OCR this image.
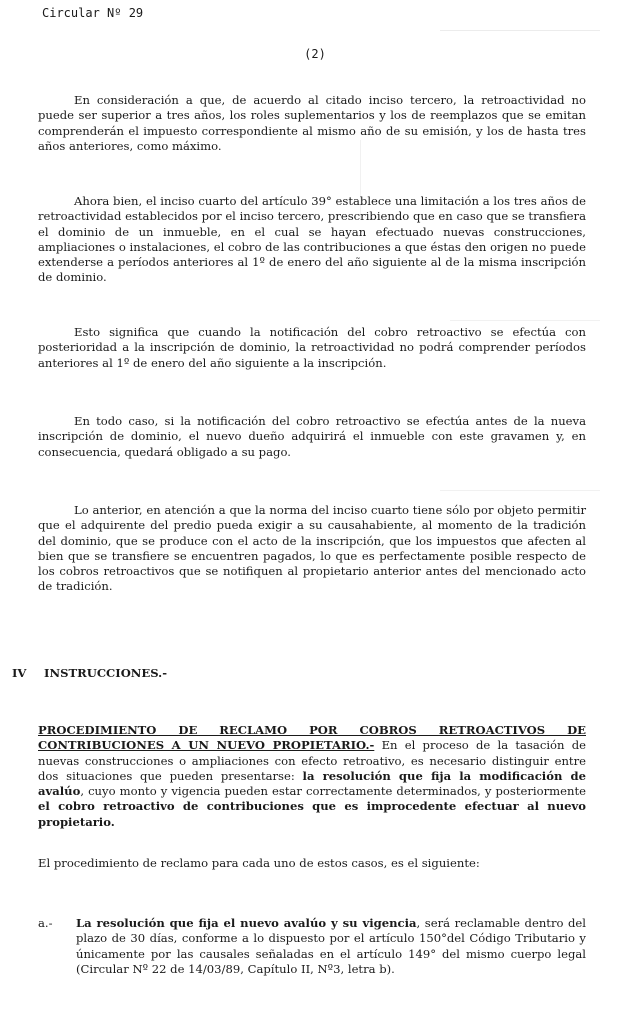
Circular Nº 29
(2)

En consideración a que, de acuerdo al citado inciso tercero, la retroactividad no puede ser superior a tres años, los roles suplementarios y los de reemplazos que se emitan comprenderán el impuesto correspondiente al mismo año de su emisión, y los de hasta tres años anteriores, como máximo.

Ahora bien, el inciso cuarto del artículo 39° establece una limitación a los tres años de retroactividad establecidos por el inciso tercero, prescribiendo que en caso que se transfiera el dominio de un inmueble, en el cual se hayan efectuado nuevas construcciones, ampliaciones o instalaciones, el cobro de las contribuciones a que éstas den origen no puede extenderse a períodos anteriores al 1º de enero del año siguiente al de la misma inscripción de dominio.

Esto significa que cuando la notificación del cobro retroactivo se efectúa con posterioridad a la inscripción de dominio, la retroactividad no podrá comprender períodos anteriores al 1º de enero del año siguiente a la inscripción.

En todo caso, si la notificación del cobro retroactivo se efectúa antes de la nueva inscripción de dominio, el nuevo dueño adquirirá el inmueble con este gravamen y, en consecuencia, quedará obligado a su pago.

Lo anterior, en atención a que la norma del inciso cuarto tiene sólo por objeto permitir que el adquirente del predio pueda exigir a su causahabiente, al momento de la tradición del dominio, que se produce con el acto de la inscripción, que los impuestos que afecten al bien que se transfiere se encuentren pagados, lo que es perfectamente posible respecto de los cobros retroactivos que se notifiquen al propietario anterior antes del mencionado acto de tradición.

IV INSTRUCCIONES.-

PROCEDIMIENTO DE RECLAMO POR COBROS RETROACTIVOS DE CONTRIBUCIONES A UN NUEVO PROPIETARIO.- En el proceso de la tasación de nuevas construcciones o ampliaciones con efecto retroativo, es necesario distinguir entre dos situaciones que pueden presentarse: la resolución que fija la modificación de avalúo, cuyo monto y vigencia pueden estar correctamente determinados, y posteriormente el cobro retroactivo de contribuciones que es improcedente efectuar al nuevo propietario.

El procedimiento de reclamo para cada uno de estos casos, es el siguiente:

a.- La resolución que fija el nuevo avalúo y su vigencia, será reclamable dentro del plazo de 30 días, conforme a lo dispuesto por el artículo 150°del Código Tributario y únicamente por las causales señaladas en el artículo 149° del mismo cuerpo legal (Circular Nº 22 de 14/03/89, Capítulo II, Nº3, letra b).
